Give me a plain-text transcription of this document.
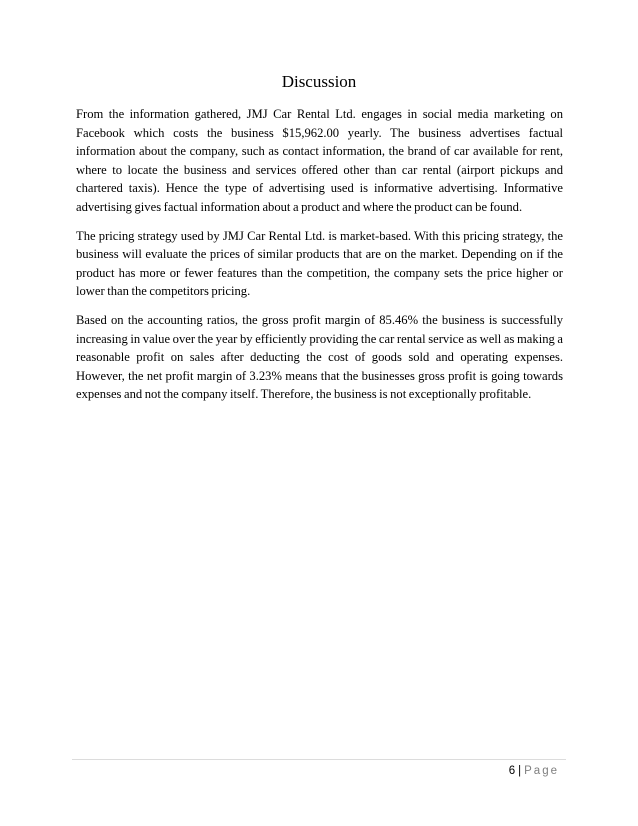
Discussion

From the information gathered, JMJ Car Rental Ltd. engages in social media marketing on Facebook which costs the business $15,962.00 yearly. The business advertises factual information about the company, such as contact information, the brand of car available for rent, where to locate the business and services offered other than car rental (airport pickups and chartered taxis). Hence the type of advertising used is informative advertising. Informative advertising gives factual information about a product and where the product can be found.

The pricing strategy used by JMJ Car Rental Ltd. is market-based. With this pricing strategy, the business will evaluate the prices of similar products that are on the market. Depending on if the product has more or fewer features than the competition, the company sets the price higher or lower than the competitors pricing.

Based on the accounting ratios, the gross profit margin of 85.46% the business is successfully increasing in value over the year by efficiently providing the car rental service as well as making a reasonable profit on sales after deducting the cost of goods sold and operating expenses. However, the net profit margin of 3.23% means that the businesses gross profit is going towards expenses and not the company itself. Therefore, the business is not exceptionally profitable.

6 | Page
